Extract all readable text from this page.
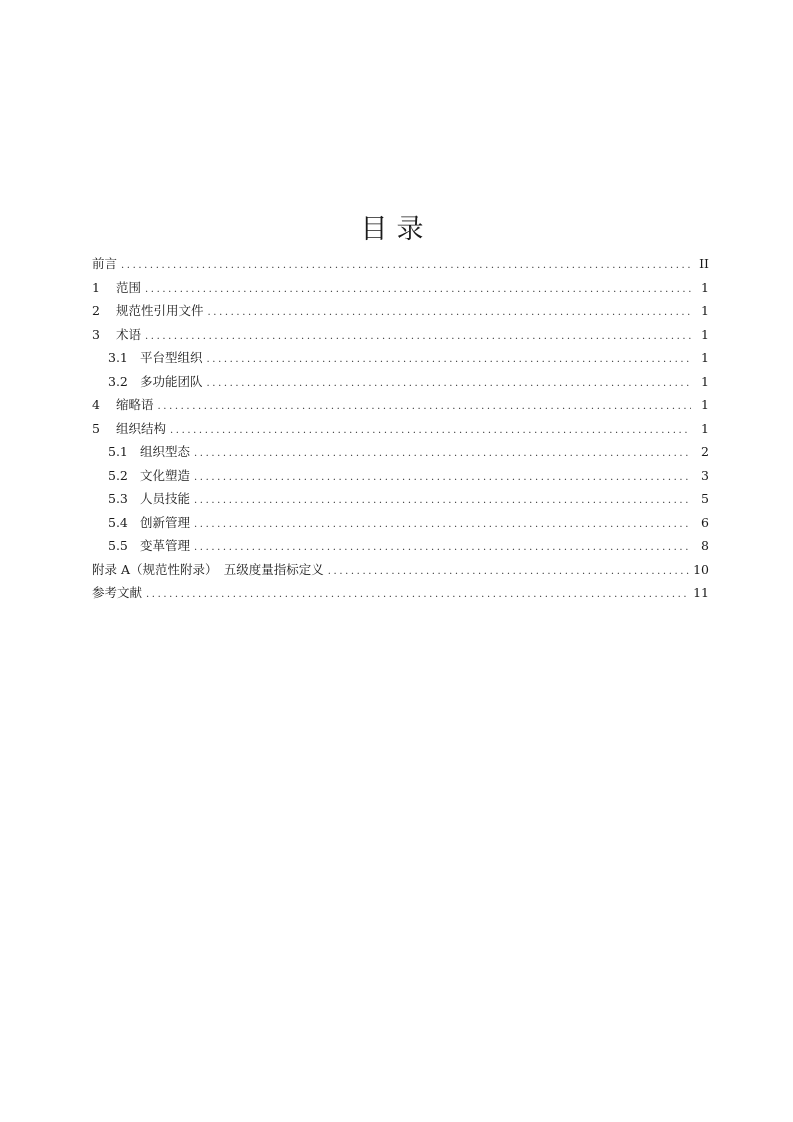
目录
前言 .....	II
1	范围 .....	1
2	规范性引用文件 .....	1
3	术语 .....	1
3.1 平台型组织 .....	1
3.2 多功能团队 .....	1
4	缩略语 .....	1
5	组织结构 .....	1
5.1 组织型态 .....	2
5.2 文化塑造 .....	3
5.3 人员技能 .....	5
5.4 创新管理 .....	6
5.5 变革管理 .....	8
附录 A（规范性附录）　五级度量指标定义 .....	10
参考文献 .....	11
